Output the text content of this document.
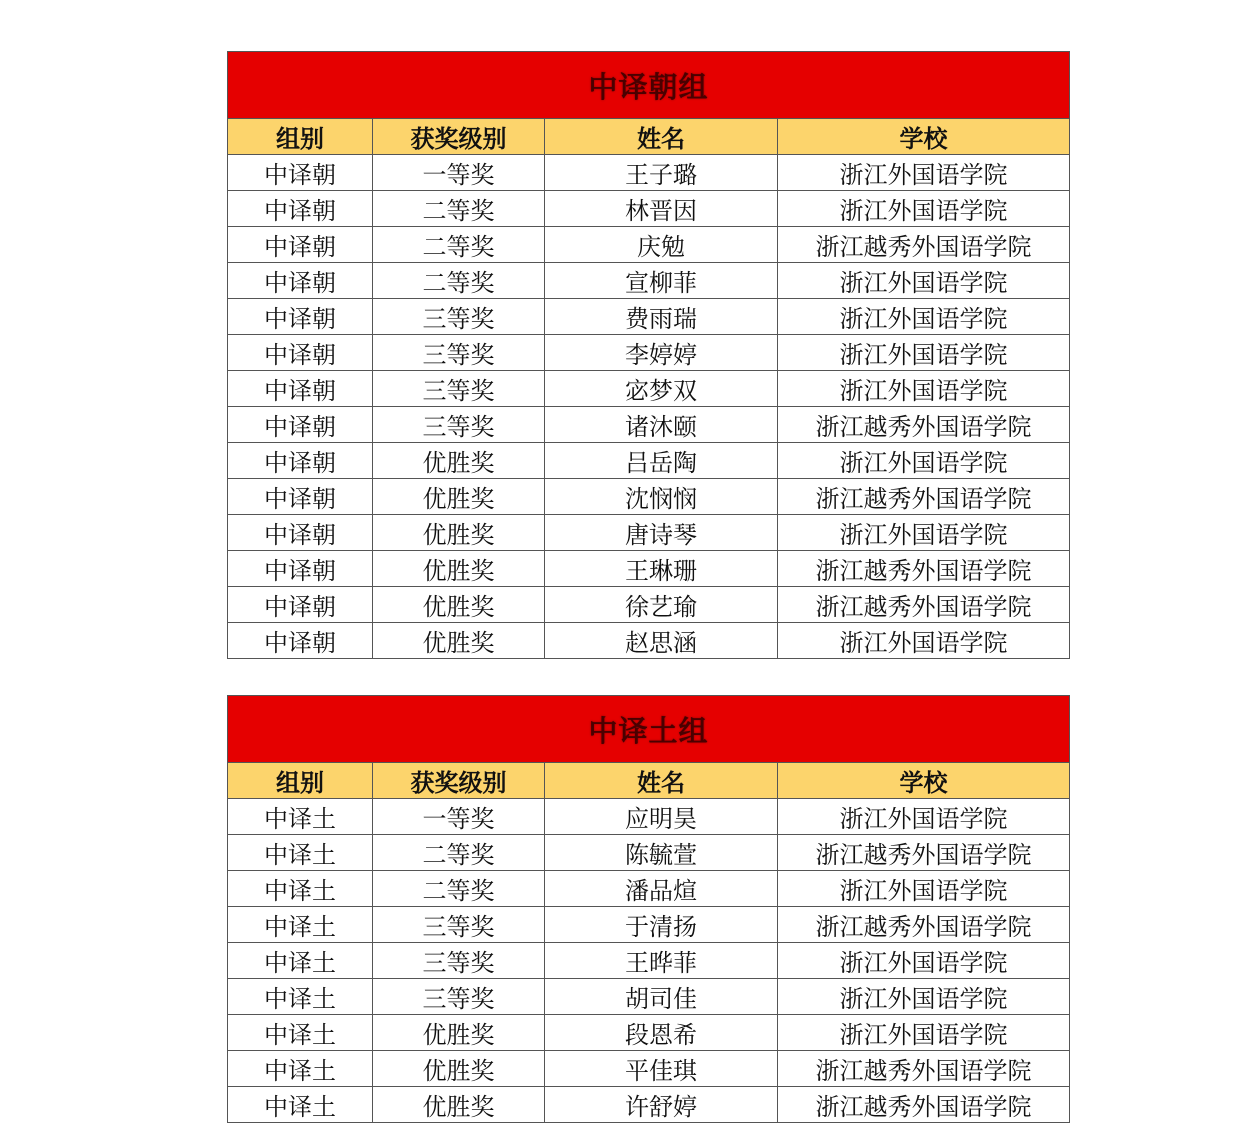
中译朝组			
组别	获奖级别	姓名	学校
中译朝	一等奖	王子璐	浙江外国语学院
中译朝	二等奖	林晋因	浙江外国语学院
中译朝	二等奖	庆勉	浙江越秀外国语学院
中译朝	二等奖	宣柳菲	浙江外国语学院
中译朝	三等奖	费雨瑞	浙江外国语学院
中译朝	三等奖	李婷婷	浙江外国语学院
中译朝	三等奖	宓梦双	浙江外国语学院
中译朝	三等奖	诸沐颐	浙江越秀外国语学院
中译朝	优胜奖	吕岳陶	浙江外国语学院
中译朝	优胜奖	沈悯悯	浙江越秀外国语学院
中译朝	优胜奖	唐诗琴	浙江外国语学院
中译朝	优胜奖	王琳珊	浙江越秀外国语学院
中译朝	优胜奖	徐艺瑜	浙江越秀外国语学院
中译朝	优胜奖	赵思涵	浙江外国语学院
中译土组			
组别	获奖级别	姓名	学校
中译土	一等奖	应明昊	浙江外国语学院
中译土	二等奖	陈毓萱	浙江越秀外国语学院
中译土	二等奖	潘品煊	浙江外国语学院
中译土	三等奖	于清扬	浙江越秀外国语学院
中译土	三等奖	王晔菲	浙江外国语学院
中译土	三等奖	胡司佳	浙江外国语学院
中译土	优胜奖	段恩希	浙江外国语学院
中译土	优胜奖	平佳琪	浙江越秀外国语学院
中译土	优胜奖	许舒婷	浙江越秀外国语学院
